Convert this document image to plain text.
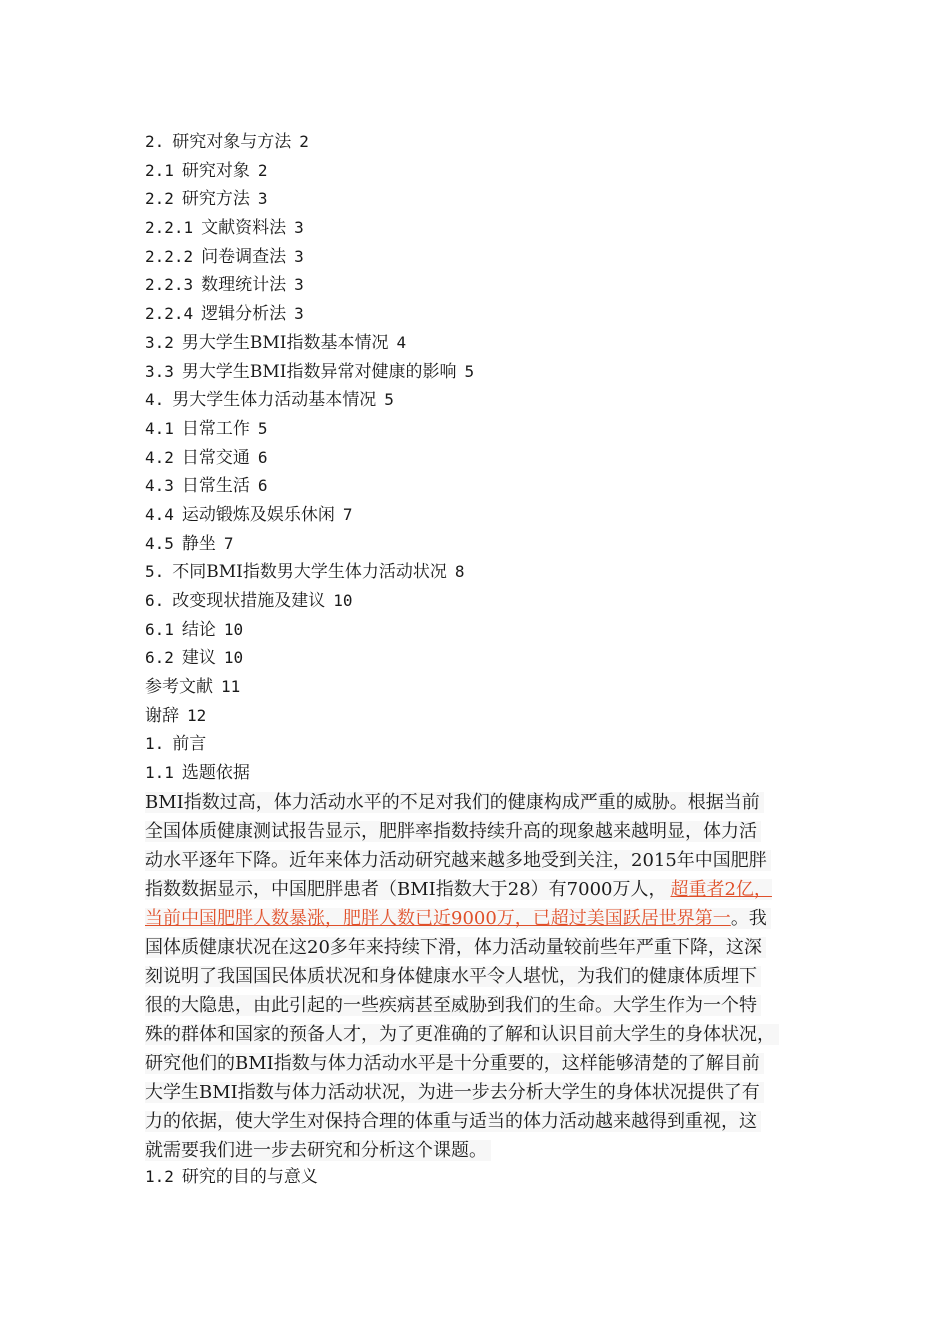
2. 研究对象与方法 2
2.1 研究对象 2
2.2 研究方法 3
2.2.1 文献资料法 3
2.2.2 问卷调查法 3
2.2.3 数理统计法 3
2.2.4 逻辑分析法 3
3.2 男大学生BMI指数基本情况 4
3.3 男大学生BMI指数异常对健康的影响 5
4. 男大学生体力活动基本情况 5
4.1 日常工作 5
4.2 日常交通 6
4.3 日常生活 6
4.4 运动锻炼及娱乐休闲 7
4.5 静坐 7
5. 不同BMI指数男大学生体力活动状况 8
6. 改变现状措施及建议 10
6.1 结论 10
6.2 建议 10
参考文献 11
谢辞 12
1. 前言
1.1 选题依据
BMI指数过高，体力活动水平的不足对我们的健康构成严重的威胁。根据当前
全国体质健康测试报告显示，肥胖率指数持续升高的现象越来越明显，体力活
动水平逐年下降。近年来体力活动研究越来越多地受到关注，2015年中国肥胖
指数数据显示，中国肥胖患者（BMI指数大于28）有7000万人， 超重者2亿，
当前中国肥胖人数暴涨，肥胖人数已近9000万，已超过美国跃居世界第一。我
国体质健康状况在这20多年来持续下滑，体力活动量较前些年严重下降，这深
刻说明了我国国民体质状况和身体健康水平令人堪忧，为我们的健康体质埋下
很的大隐患，由此引起的一些疾病甚至威胁到我们的生命。大学生作为一个特
殊的群体和国家的预备人才，为了更准确的了解和认识目前大学生的身体状况，
研究他们的BMI指数与体力活动水平是十分重要的，这样能够清楚的了解目前
大学生BMI指数与体力活动状况，为进一步去分析大学生的身体状况提供了有
力的依据，使大学生对保持合理的体重与适当的体力活动越来越得到重视，这
就需要我们进一步去研究和分析这个课题。
1.2 研究的目的与意义
